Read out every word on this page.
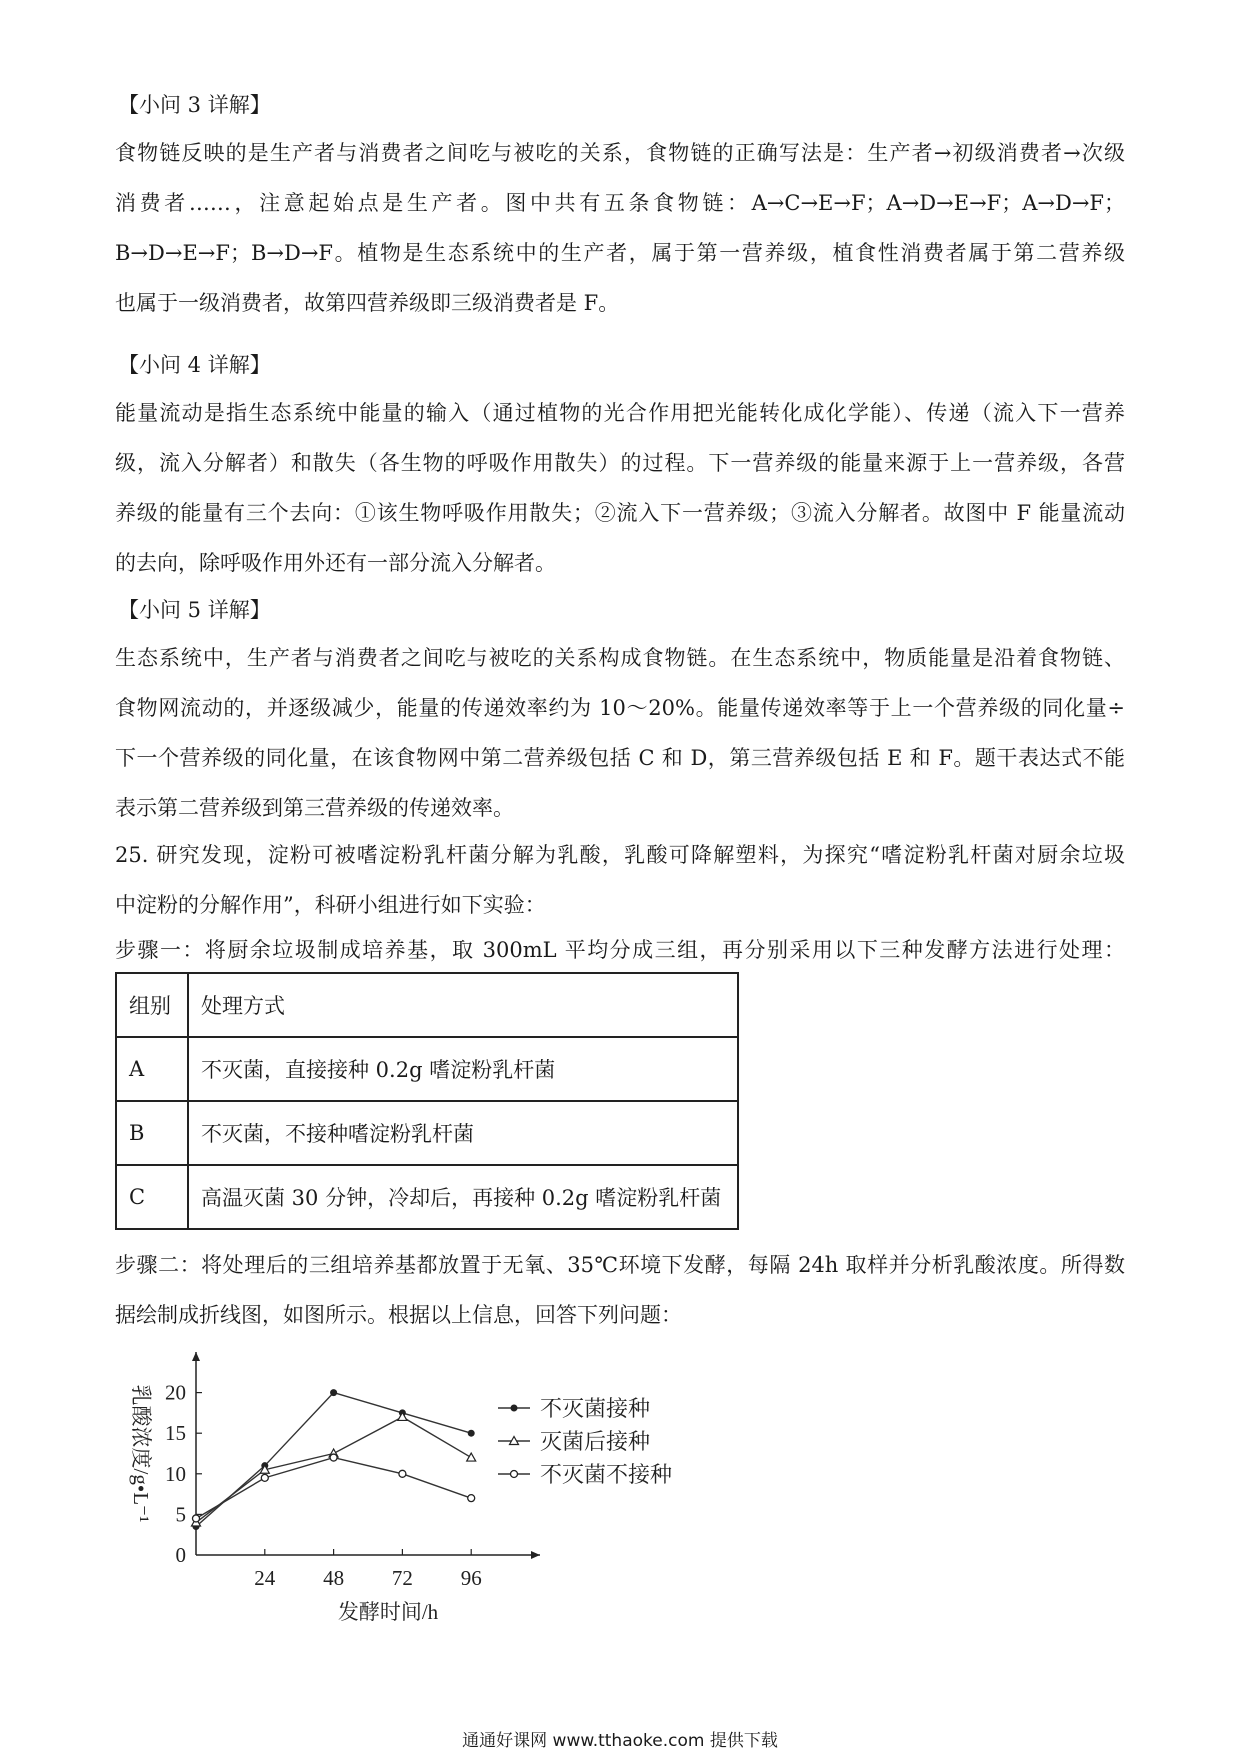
【小问 3 详解】
食物链反映的是生产者与消费者之间吃与被吃的关系，食物链的正确写法是：生产者→初级消费者→次级
消费者……，注意起始点是生产者。图中共有五条食物链：A→C→E→F；A→D→E→F；A→D→F；
B→D→E→F；B→D→F。植物是生态系统中的生产者，属于第一营养级，植食性消费者属于第二营养级
也属于一级消费者，故第四营养级即三级消费者是 F。
【小问 4 详解】
能量流动是指生态系统中能量的输入（通过植物的光合作用把光能转化成化学能）、传递（流入下一营养
级，流入分解者）和散失（各生物的呼吸作用散失）的过程。下一营养级的能量来源于上一营养级，各营
养级的能量有三个去向：①该生物呼吸作用散失；②流入下一营养级；③流入分解者。故图中 F 能量流动
的去向，除呼吸作用外还有一部分流入分解者。
【小问 5 详解】
生态系统中，生产者与消费者之间吃与被吃的关系构成食物链。在生态系统中，物质能量是沿着食物链、
食物网流动的，并逐级减少，能量的传递效率约为 10～20%。能量传递效率等于上一个营养级的同化量÷
下一个营养级的同化量，在该食物网中第二营养级包括 C 和 D，第三营养级包括 E 和 F。题干表达式不能
表示第二营养级到第三营养级的传递效率。
25. 研究发现，淀粉可被嗜淀粉乳杆菌分解为乳酸，乳酸可降解塑料，为探究“嗜淀粉乳杆菌对厨余垃圾
中淀粉的分解作用”，科研小组进行如下实验：
步骤一：将厨余垃圾制成培养基，取 300mL 平均分成三组，再分别采用以下三种发酵方法进行处理：
组别	处理方式
A	不灭菌，直接接种 0.2g 嗜淀粉乳杆菌
B	不灭菌，不接种嗜淀粉乳杆菌
C	高温灭菌 30 分钟，冷却后，再接种 0.2g 嗜淀粉乳杆菌
步骤二：将处理后的三组培养基都放置于无氧、35℃环境下发酵，每隔 24h 取样并分析乳酸浓度。所得数
据绘制成折线图，如图所示。根据以上信息，回答下列问题：
0
5
10
15
20
24 48 72 96
发酵时间/h
乳酸浓度/g•L⁻¹	不灭菌接种
灭菌后接种
不灭菌不接种
通通好课网 www.tthaoke.com 提供下载
